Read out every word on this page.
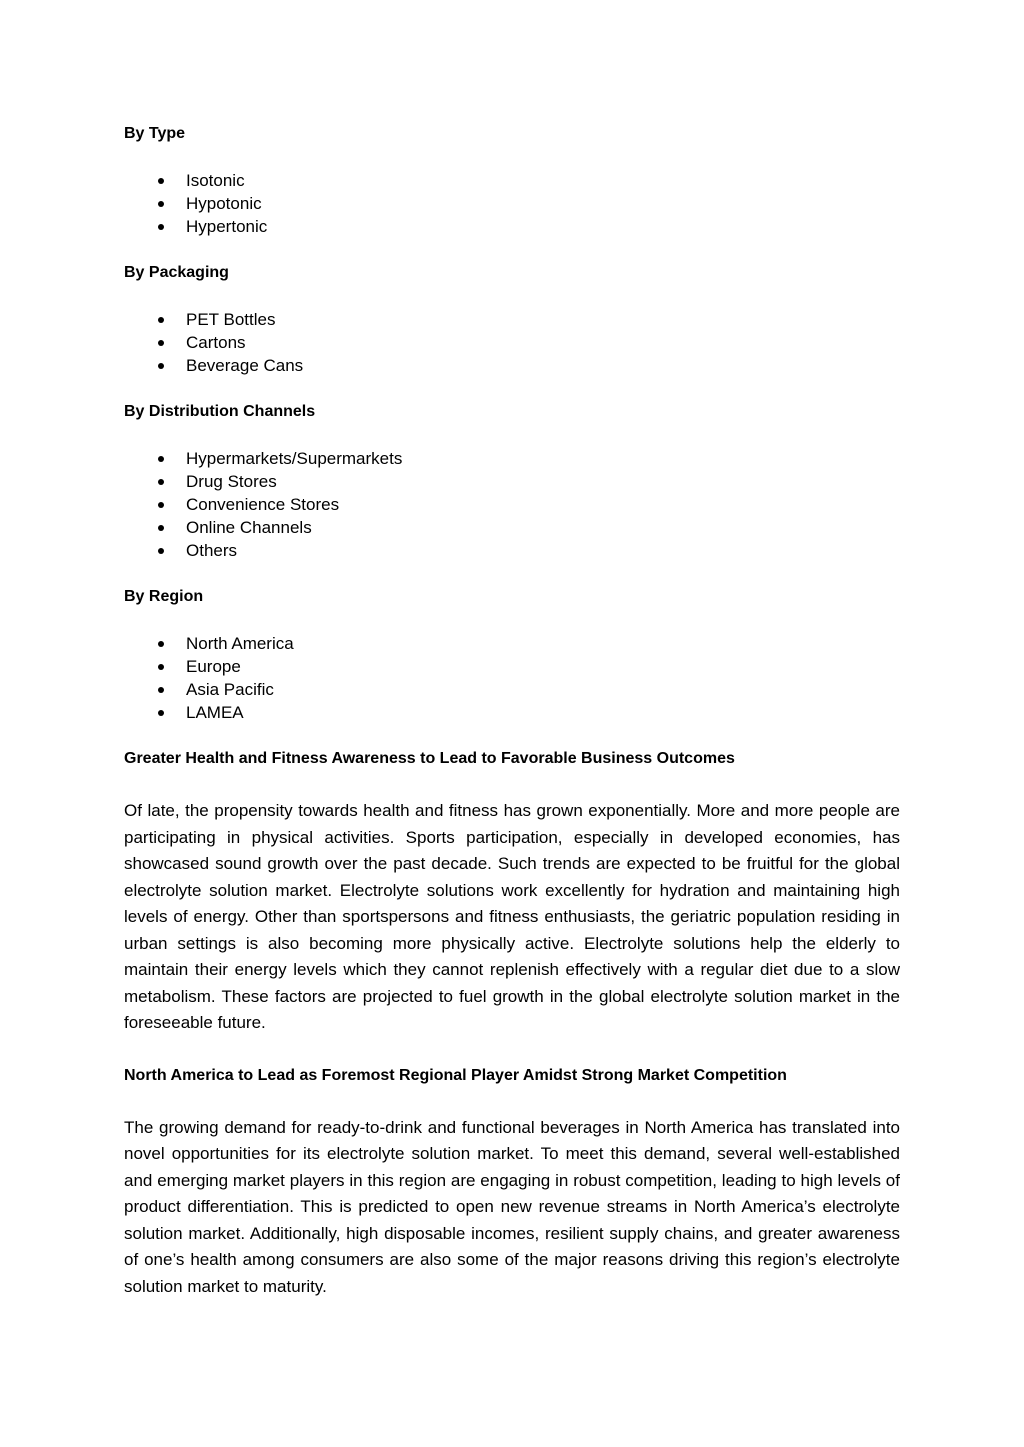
By Type

Isotonic
Hypotonic
Hypertonic

By Packaging

PET Bottles
Cartons
Beverage Cans

By Distribution Channels

Hypermarkets/Supermarkets
Drug Stores
Convenience Stores
Online Channels
Others

By Region

North America
Europe
Asia Pacific
LAMEA

Greater Health and Fitness Awareness to Lead to Favorable Business Outcomes

Of late, the propensity towards health and fitness has grown exponentially. More and more people are participating in physical activities. Sports participation, especially in developed economies, has showcased sound growth over the past decade. Such trends are expected to be fruitful for the global electrolyte solution market. Electrolyte solutions work excellently for hydration and maintaining high levels of energy. Other than sportspersons and fitness enthusiasts, the geriatric population residing in urban settings is also becoming more physically active. Electrolyte solutions help the elderly to maintain their energy levels which they cannot replenish effectively with a regular diet due to a slow metabolism. These factors are projected to fuel growth in the global electrolyte solution market in the foreseeable future.

North America to Lead as Foremost Regional Player Amidst Strong Market Competition

The growing demand for ready-to-drink and functional beverages in North America has translated into novel opportunities for its electrolyte solution market. To meet this demand, several well-established and emerging market players in this region are engaging in robust competition, leading to high levels of product differentiation. This is predicted to open new revenue streams in North America’s electrolyte solution market. Additionally, high disposable incomes, resilient supply chains, and greater awareness of one’s health among consumers are also some of the major reasons driving this region’s electrolyte solution market to maturity.
